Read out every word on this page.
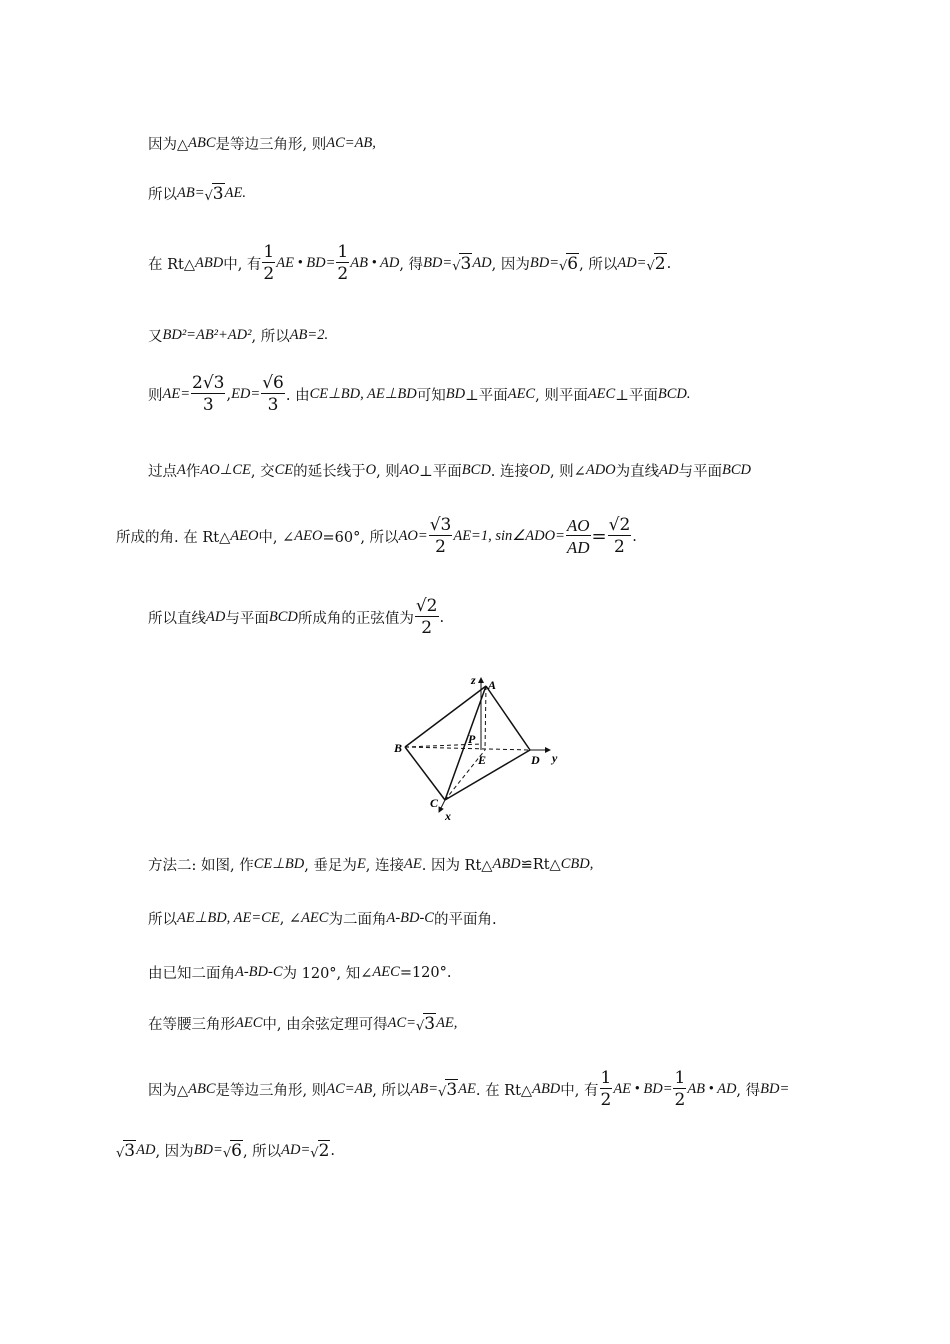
因为△ ABC 是等边三角形, 则 AC=AB,
所以 AB= √ 3 AE.
在 Rt△ ABD 中, 有 $\frac{1}{2}$ AE • $BD= \frac{1}{2}$ AB • AD , 得 BD= √ 3 AD , 因为 BD= √ 6 , 所以 AD= √ 2 .
又 BD²=AB²+AD² , 所以 AB=2.
则 $AE= \frac{2√3}{3}$ , $ED= \frac{√6}{3}$ . 由 CE⊥BD, AE⊥BD 可知 BD ⊥平面 AEC , 则平面 AEC ⊥平面 BCD.
过点 A 作 AO⊥CE , 交 CE 的延长线于 O , 则 AO ⊥平面 BCD . 连接 OD , 则∠ ADO 为直线 AD 与平面 BCD
所成的角. 在 Rt△ AEO 中, ∠ AEO =60°, 所以 $AO= \frac{√3}{2} AE=1$, sin∠ $ADO= \frac{AO}{AD} = \frac{√2}{2}$ .
所以直线 AD 与平面 BCD 所成角的正弦值为 $\frac{√2}{2}$ .
A
B
C
D
E
P
x
y
z
方法二: 如图, 作 CE⊥BD , 垂足为 E , 连接 AE . 因为 Rt△ ABD ≌Rt△ CBD,
所以 AE⊥BD, AE=CE , ∠ AEC 为二面角 A-BD-C 的平面角.
由已知二面角 A-BD-C 为 120°, 知∠ AEC =120°.
在等腰三角形 AEC 中, 由余弦定理可得 AC= √ 3 AE,
因为△ ABC 是等边三角形, 则 AC=AB , 所以 AB= √ 3 AE . 在 Rt△ ABD 中, 有 $\frac{1}{2}$ AE • $BD= \frac{1}{2}$ AB • AD , 得 BD=
√ 3 AD , 因为 BD= √ 6 , 所以 AD= √ 2 .
